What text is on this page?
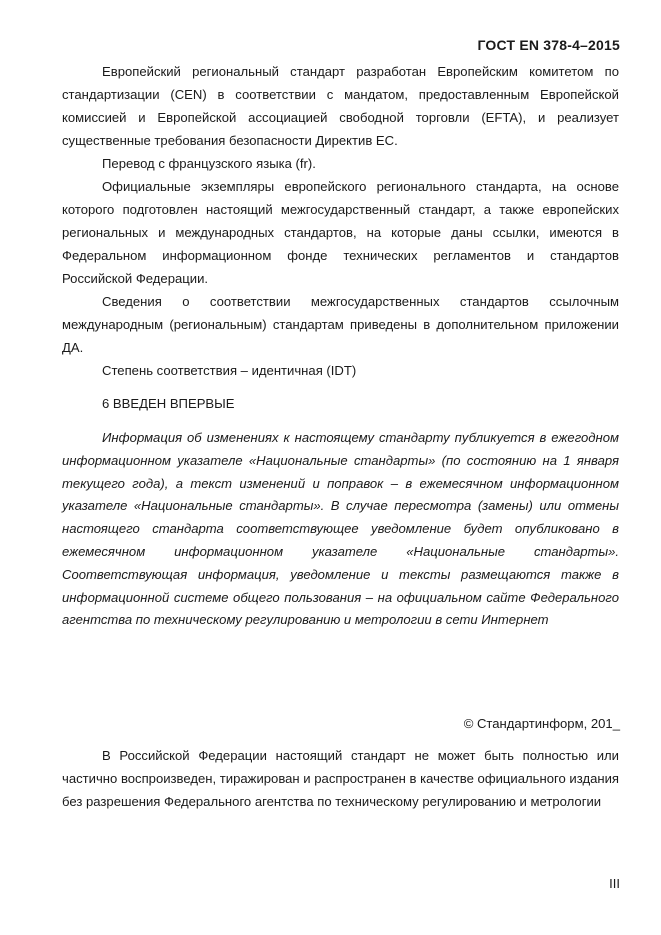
ГОСТ EN 378-4–2015

Европейский региональный стандарт разработан Европейским комитетом по стандартизации (CEN) в соответствии с мандатом, предоставленным Европейской комиссией и Европейской ассоциацией свободной торговли (EFTA), и реализует существенные требования безопасности Директив ЕС.

Перевод с французского языка (fr).

Официальные экземпляры европейского регионального стандарта, на основе которого подготовлен настоящий межгосударственный стандарт, а также европейских региональных и международных стандартов, на которые даны ссылки, имеются в Федеральном информационном фонде технических регламентов и стандартов Российской Федерации.

Сведения о соответствии межгосударственных стандартов ссылочным международным (региональным) стандартам приведены в дополнительном приложении ДА.

Степень соответствия – идентичная (IDT)

6 ВВЕДЕН ВПЕРВЫЕ

Информация об изменениях к настоящему стандарту публикуется в ежегодном информационном указателе «Национальные стандарты» (по состоянию на 1 января текущего года), а текст изменений и поправок – в ежемесячном информационном указателе «Национальные стандарты». В случае пересмотра (замены) или отмены настоящего стандарта соответствующее уведомление будет опубликовано в ежемесячном информационном указателе «Национальные стандарты». Соответствующая информация, уведомление и тексты размещаются также в информационной системе общего пользования – на официальном сайте Федерального агентства по техническому регулированию и метрологии в сети Интернет

© Стандартинформ, 201_

В Российской Федерации настоящий стандарт не может быть полностью или частично воспроизведен, тиражирован и распространен в качестве официального издания без разрешения Федерального агентства по техническому регулированию и метрологии

III
